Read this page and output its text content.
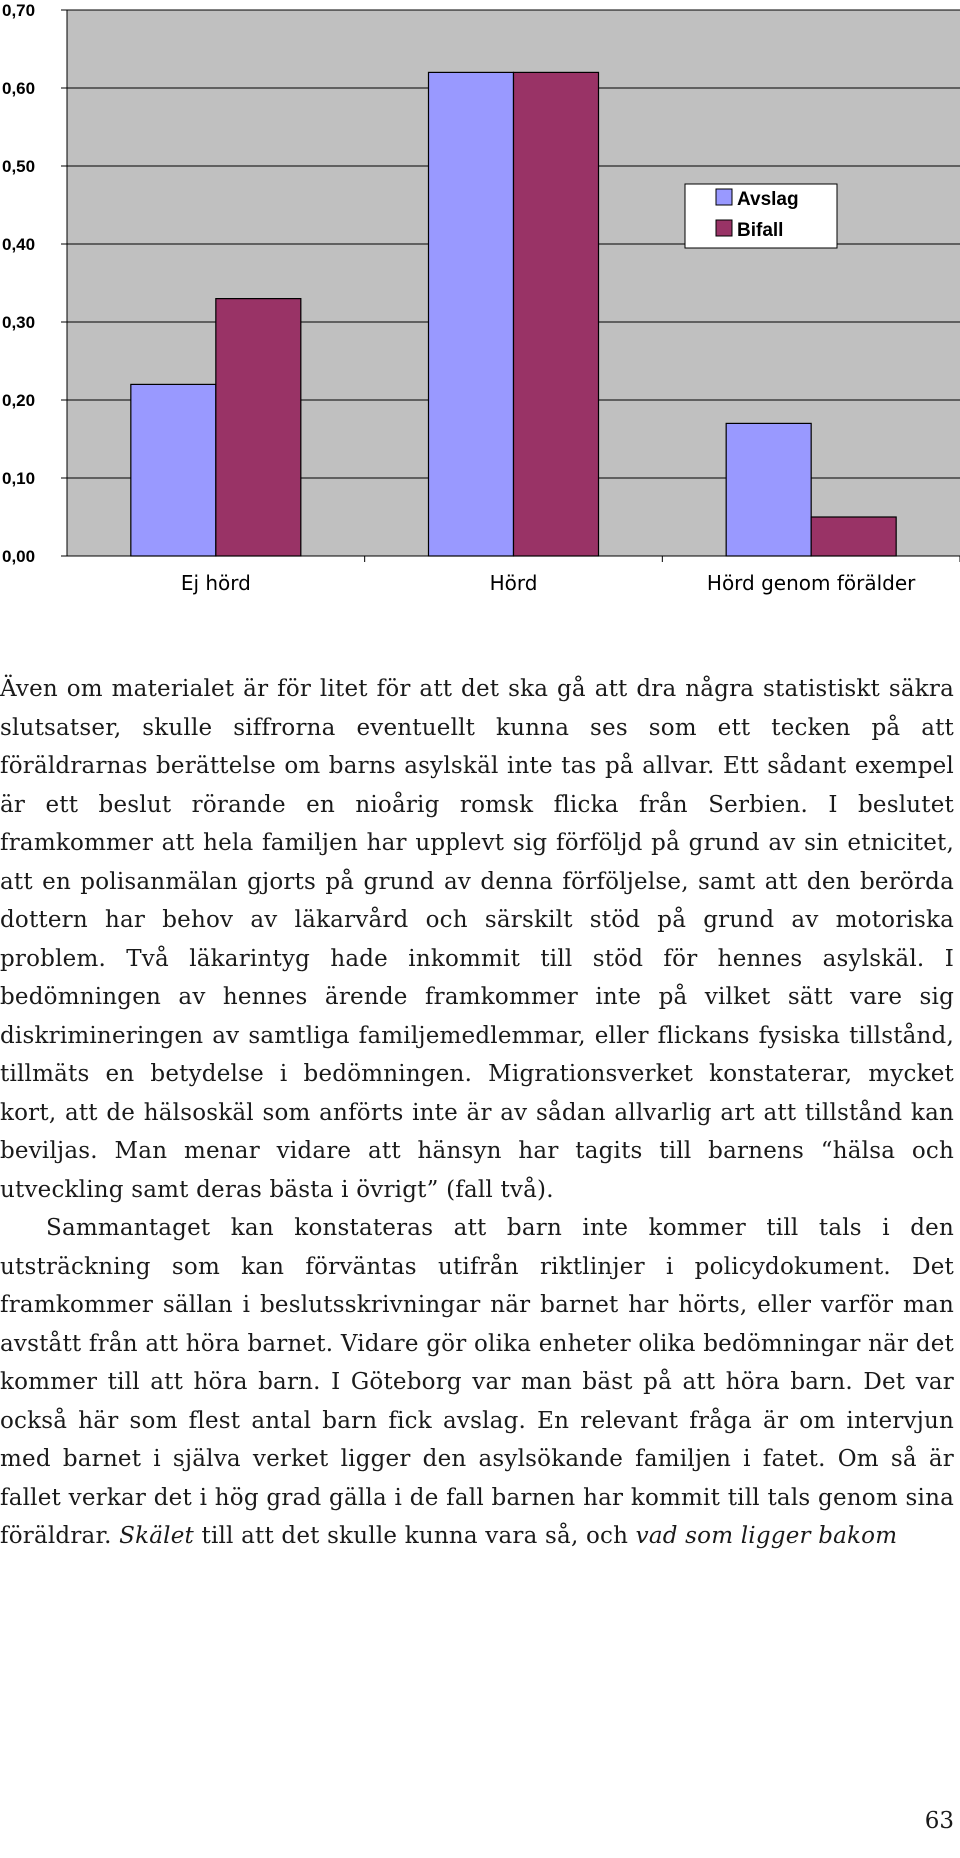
0,00
0,10
0,20
0,30
0,40
0,50
0,60
0,70
Ej hörd	Hörd	Hörd genom förälder
Avslag
Bifall

Även om materialet är för litet för att det ska gå att dra några statistiskt säkra slutsatser, skulle siffrorna eventuellt kunna ses som ett tecken på att föräldrarnas berättelse om barns asylskäl inte tas på allvar. Ett sådant exempel är ett beslut rörande en nioårig romsk flicka från Serbien. I beslutet framkommer att hela familjen har upplevt sig förföljd på grund av sin etnicitet, att en polisanmälan gjorts på grund av denna förföljelse, samt att den berörda dottern har behov av läkarvård och särskilt stöd på grund av motoriska problem. Två läkarintyg hade inkommit till stöd för hennes asylskäl. I bedömningen av hennes ärende framkommer inte på vilket sätt vare sig diskrimineringen av samtliga familjemedlemmar, eller flickans fysiska tillstånd, tillmäts en betydelse i bedömningen. Migrationsverket konstaterar, mycket kort, att de hälsoskäl som anförts inte är av sådan allvarlig art att tillstånd kan beviljas. Man menar vidare att hänsyn har tagits till barnens “hälsa och utveckling samt deras bästa i övrigt” (fall två).

Sammantaget kan konstateras att barn inte kommer till tals i den utsträckning som kan förväntas utifrån riktlinjer i policydokument. Det framkommer sällan i beslutsskrivningar när barnet har hörts, eller varför man avstått från att höra barnet. Vidare gör olika enheter olika bedömningar när det kommer till att höra barn. I Göteborg var man bäst på att höra barn. Det var också här som flest antal barn fick avslag. En relevant fråga är om intervjun med barnet i själva verket ligger den asylsökande familjen i fatet. Om så är fallet verkar det i hög grad gälla i de fall barnen har kommit till tals genom sina föräldrar. Skälet till att det skulle kunna vara så, och vad som ligger bakom

63
